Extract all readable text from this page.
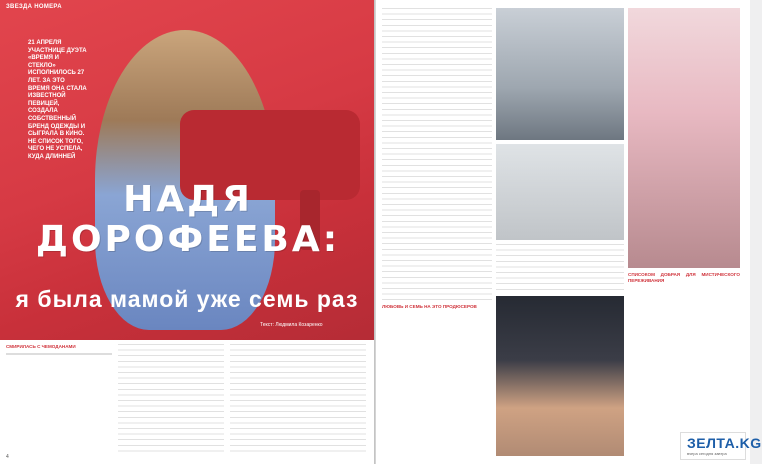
ЗВЕЗДА НОМЕРА
21 АПРЕЛЯ УЧАСТНИЦЕ ДУЭТА «ВРЕМЯ И СТЕКЛО» ИСПОЛНИЛОСЬ 27 ЛЕТ. ЗА ЭТО ВРЕМЯ ОНА СТАЛА ИЗВЕСТНОЙ ПЕВИЦЕЙ, СОЗДАЛА СОБСТВЕННЫЙ БРЕНД ОДЕЖДЫ И СЫГРАЛА В КИНО. НЕ СПИСОК ТОГО, ЧЕГО НЕ УСПЕЛА, КУДА ДЛИННЕЙ
НАДЯ
ДОРОФЕЕВА:
я была мамой уже семь раз
Текст: Людмила Козаренко
СМИРИЛАСЬ С ЧЕМОДАНАМИ
4
ЛЮБОВЬ И СЕМЬ НА ЭТО ПРОДЮСЕРОВ
СПИСОКОМ ДОБРАЯ ДЛЯ МИСТИЧЕСКОГО ПЕРЕЖИВАНИЯ
ЗЕЛТА.KG
вчера сегодня завтра
